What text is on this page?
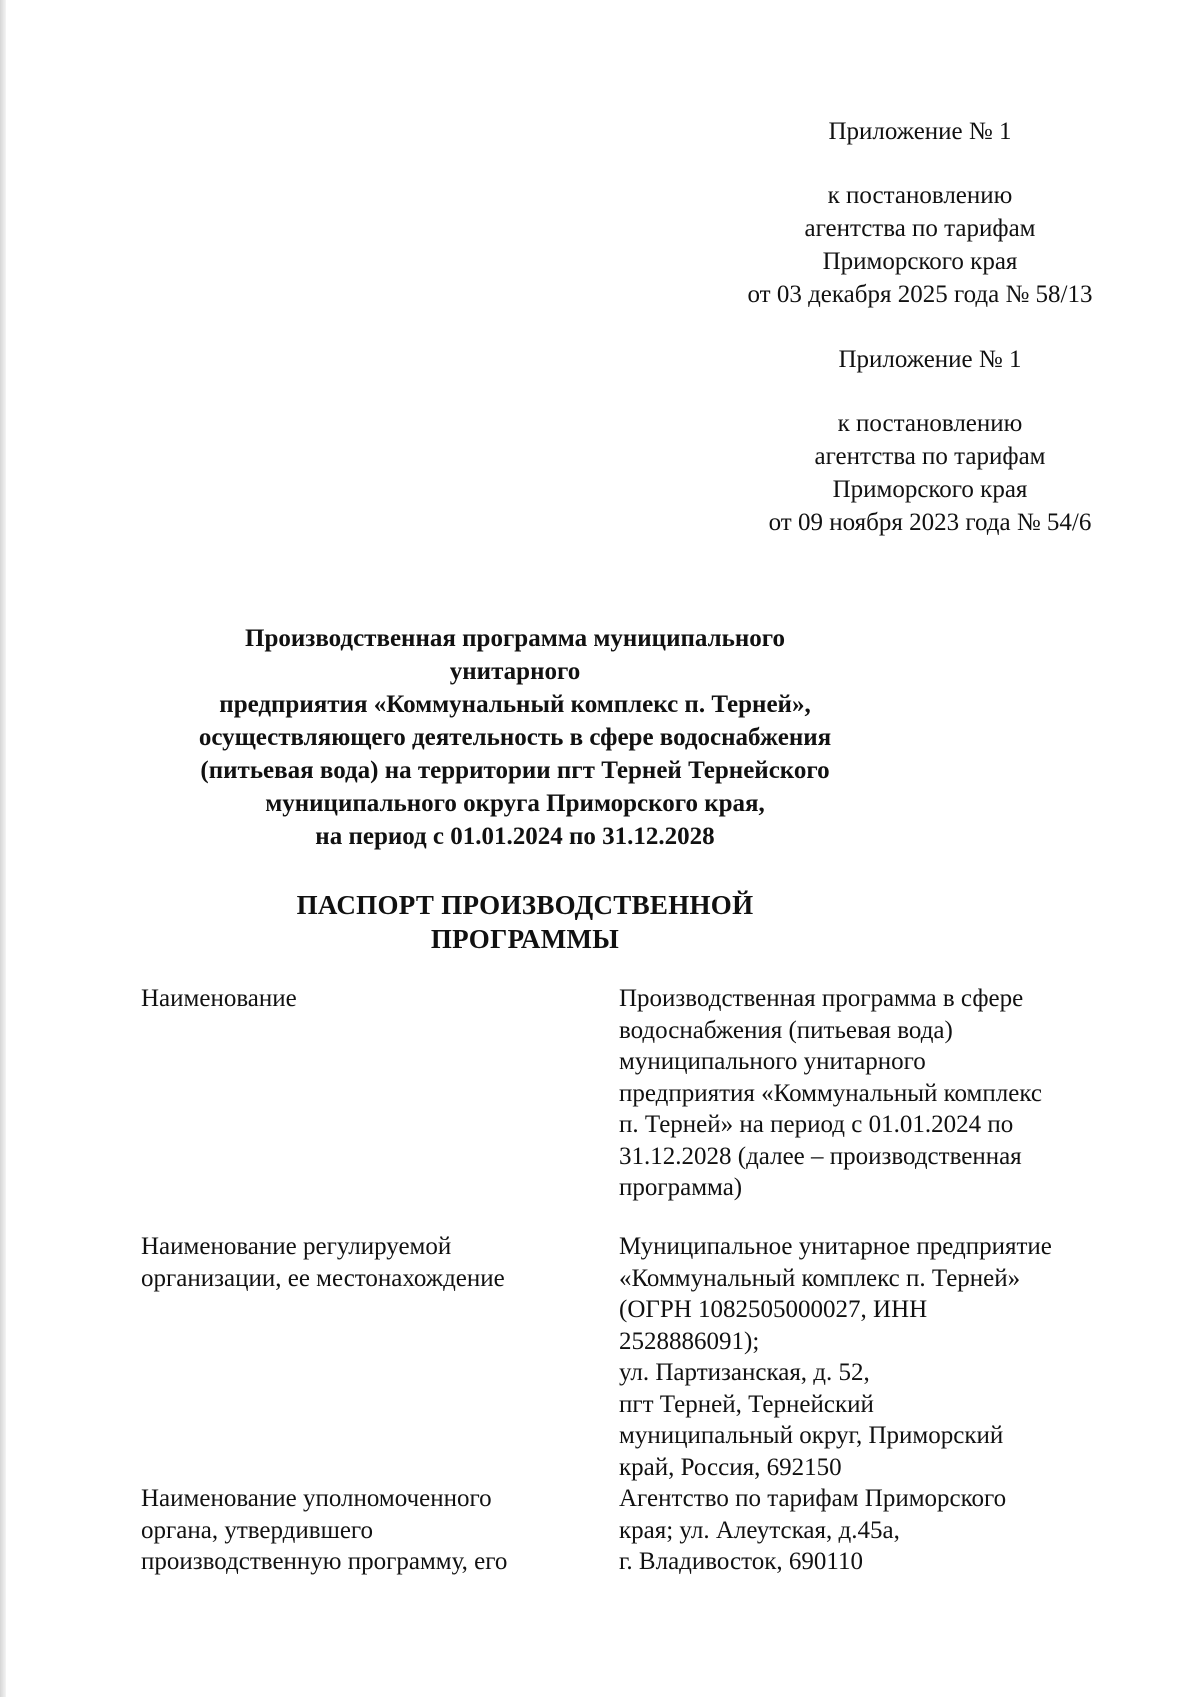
Приложение № 1

к постановлению

агентства по тарифам

Приморского края

от 03 декабря 2025 года № 58/13

Приложение № 1

к постановлению

агентства по тарифам

Приморского края

от 09 ноября 2023 года № 54/6

Производственная программа муниципального унитарного

предприятия «Коммунальный комплекс п. Терней»,

осуществляющего деятельность в сфере водоснабжения

(питьевая вода) на территории пгт Терней Тернейского

муниципального округа Приморского края,

на период с 01.01.2024 по 31.12.2028

ПАСПОРТ ПРОИЗВОДСТВЕННОЙ ПРОГРАММЫ

Наименование	Производственная программа в сфере

водоснабжения (питьевая вода)

муниципального унитарного

предприятия «Коммунальный комплекс

п. Терней» на период с 01.01.2024 по

31.12.2028 (далее – производственная

программа)

Наименование регулируемой

организации, ее местонахождение

Муниципальное унитарное предприятие

«Коммунальный комплекс п. Терней»

(ОГРН 1082505000027, ИНН

2528886091);

ул. Партизанская, д. 52,

пгт Терней, Тернейский

муниципальный округ, Приморский

край, Россия, 692150

Наименование уполномоченного

органа, утвердившего

производственную программу, его

Агентство по тарифам Приморского

края; ул. Алеутская, д.45а,

г. Владивосток, 690110
